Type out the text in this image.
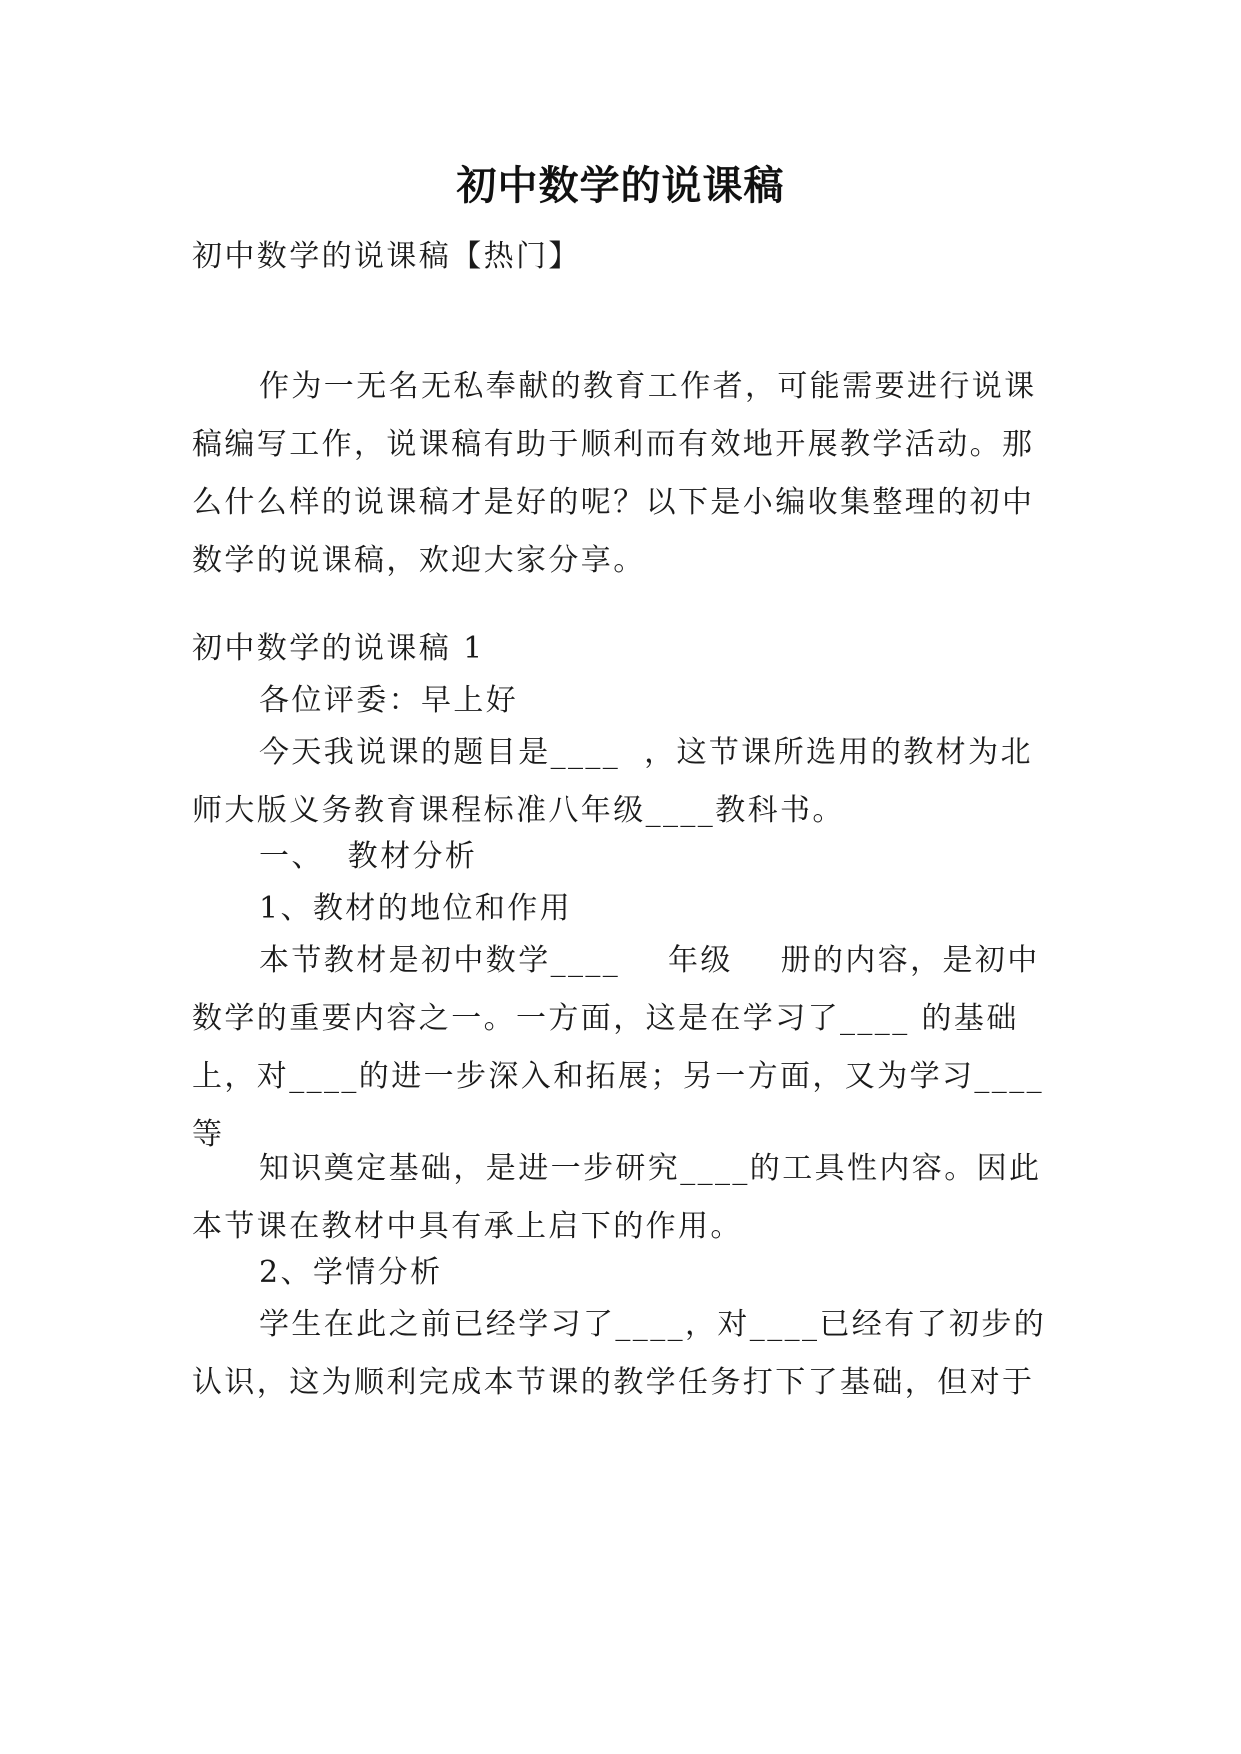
初中数学的说课稿

初中数学的说课稿【热门】

作为一无名无私奉献的教育工作者，可能需要进行说课稿编写工作，说课稿有助于顺利而有效地开展教学活动。那么什么样的说课稿才是好的呢？以下是小编收集整理的初中数学的说课稿，欢迎大家分享。

初中数学的说课稿 1

各位评委：早上好

今天我说课的题目是____  ，这节课所选用的教材为北师大版义务教育课程标准八年级____教科书。

一、  教材分析

1、教材的地位和作用

本节教材是初中数学____    年级    册的内容，是初中数学的重要内容之一。一方面，这是在学习了____ 的基础上，对____的进一步深入和拓展；另一方面，又为学习____等

知识奠定基础，是进一步研究____的工具性内容。因此本节课在教材中具有承上启下的作用。

2、学情分析

学生在此之前已经学习了____，对____已经有了初步的认识，这为顺利完成本节课的教学任务打下了基础，但对于
